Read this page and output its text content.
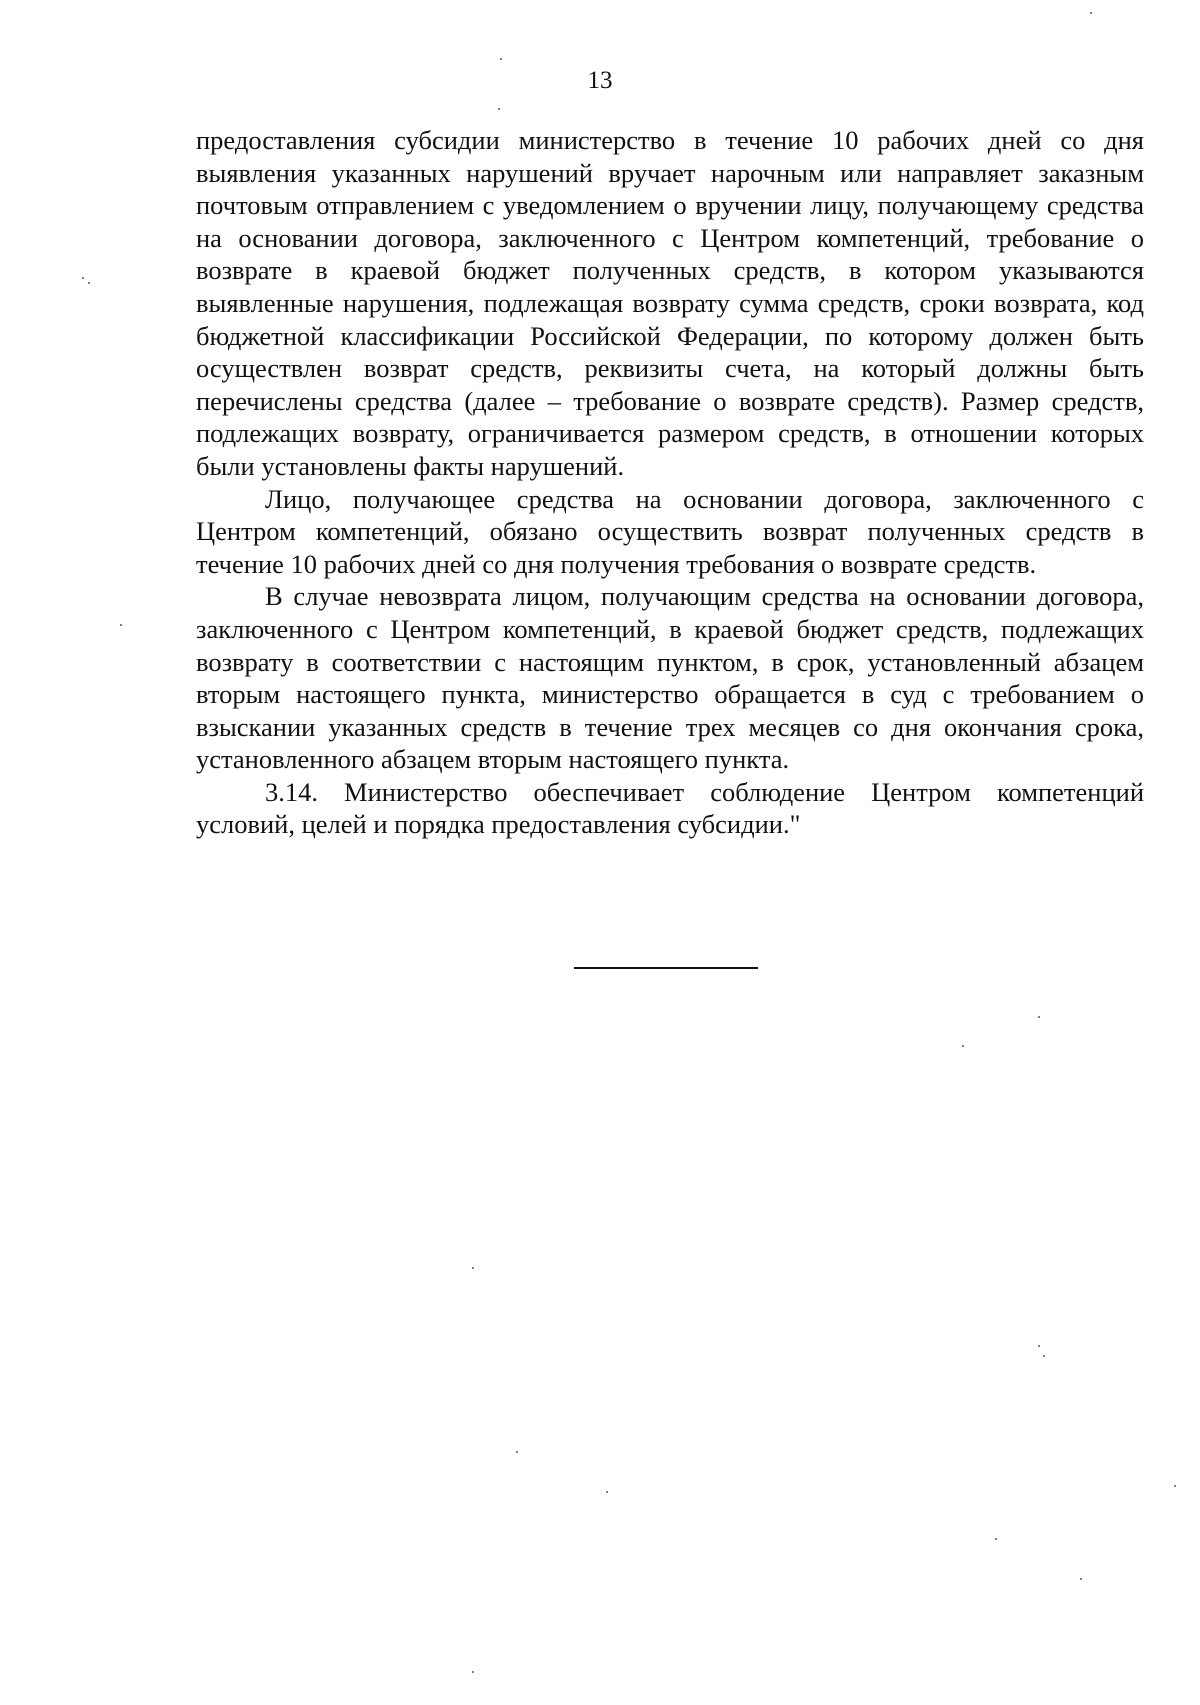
13

предоставления субсидии министерство в течение 10 рабочих дней со дня выявления указанных нарушений вручает нарочным или направляет заказным почтовым отправлением с уведомлением о вручении лицу, получающему средства на основании договора, заключенного с Центром компетенций, требование о возврате в краевой бюджет полученных средств, в котором указываются выявленные нарушения, подлежащая возврату сумма средств, сроки возврата, код бюджетной классификации Российской Федерации, по которому должен быть осуществлен возврат средств, реквизиты счета, на который должны быть перечислены средства (далее – требование о возврате средств). Размер средств, подлежащих возврату, ограничивается размером средств, в отношении которых были установлены факты нарушений.

Лицо, получающее средства на основании договора, заключенного с Центром компетенций, обязано осуществить возврат полученных средств в течение 10 рабочих дней со дня получения требования о возврате средств.

В случае невозврата лицом, получающим средства на основании договора, заключенного с Центром компетенций, в краевой бюджет средств, подлежащих возврату в соответствии с настоящим пунктом, в срок, установленный абзацем вторым настоящего пункта, министерство обращается в суд с требованием о взыскании указанных средств в течение трех месяцев со дня окончания срока, установленного абзацем вторым настоящего пункта.

3.14. Министерство обеспечивает соблюдение Центром компетенций условий, целей и порядка предоставления субсидии."
